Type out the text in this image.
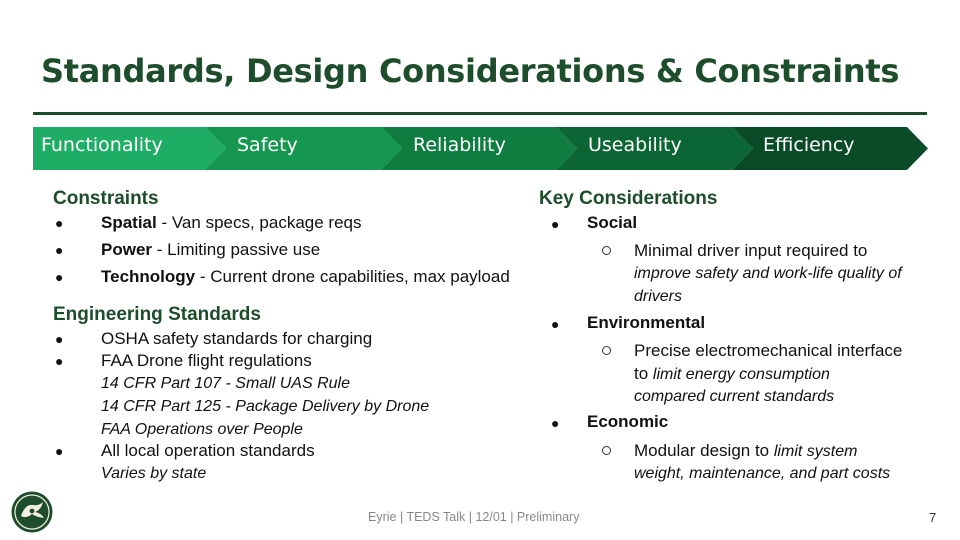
Standards, Design Considerations & Constraints
Functionality	Safety	Reliability	Useability	Efficiency
Constraints
● Spatial - Van specs, package reqs
● Power - Limiting passive use
● Technology - Current drone capabilities, max payload
Engineering Standards
● OSHA safety standards for charging
● FAA Drone flight regulations
14 CFR Part 107 - Small UAS Rule
14 CFR Part 125 - Package Delivery by Drone
FAA Operations over People
● All local operation standards
Varies by state
Key Considerations
● Social
Minimal driver input required to
improve safety and work-life quality of
drivers
● Environmental
Precise electromechanical interface
to limit energy consumption
compared current standards
● Economic
Modular design to limit system
weight, maintenance, and part costs
Eyrie | TEDS Talk | 12/01 | Preliminary	7
